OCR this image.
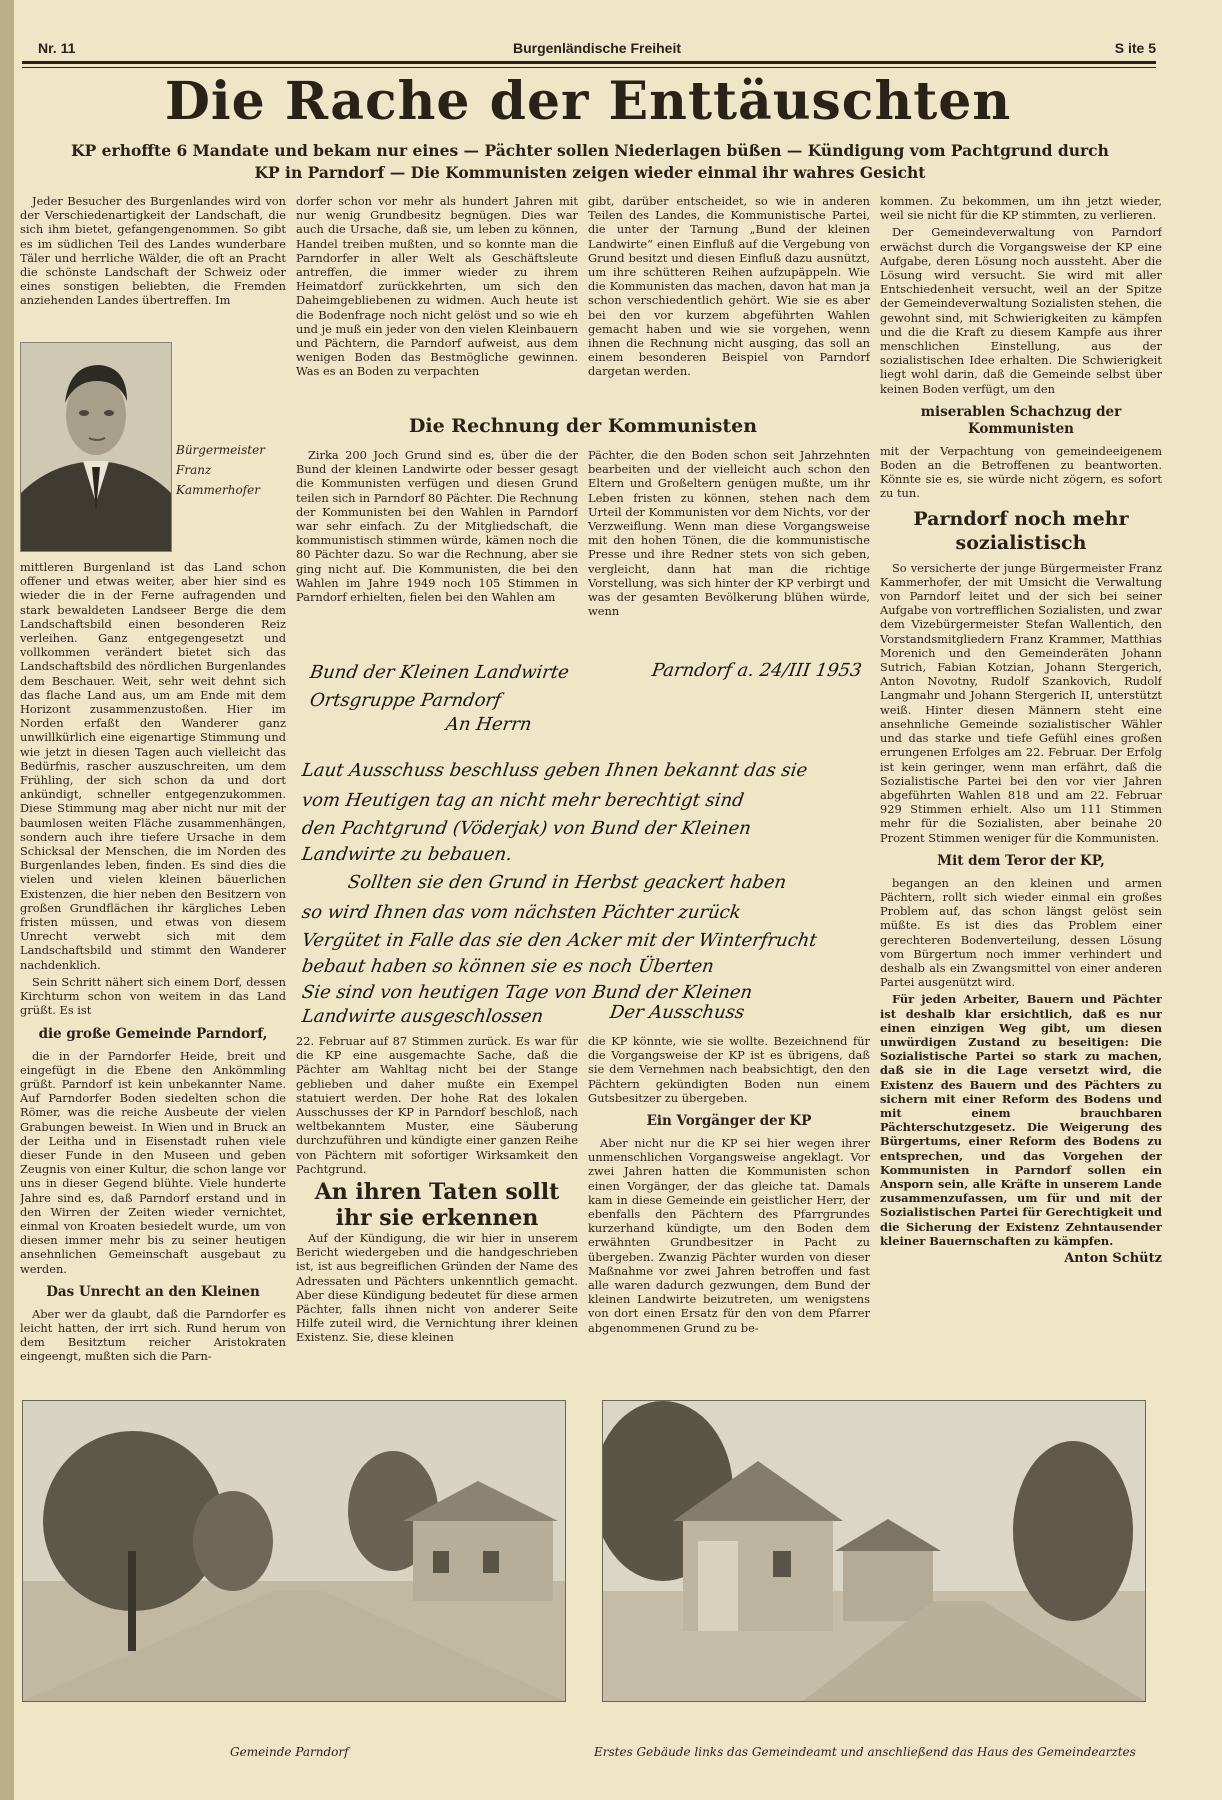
Nr. 11	Burgenländische Freiheit	S ite 5
Die Rache der Enttäuschten
KP erhoffte 6 Mandate und bekam nur eines — Pächter sollen Niederlagen büßen — Kündigung vom Pachtgrund durch
KP in Parndorf — Die Kommunisten zeigen wieder einmal ihr wahres Gesicht

Jeder Besucher des Burgenlandes wird von der Verschiedenartigkeit der Landschaft, die sich ihm bietet, gefangengenommen. So gibt es im südlichen Teil des Landes wunderbare Täler und herrliche Wälder, die oft an Pracht die schönste Landschaft der Schweiz oder eines sonstigen beliebten, die Fremden anziehenden Landes übertreffen. Im

Bürgermeister Franz Kammerhofer

mittleren Burgenland ist das Land schon offener und etwas weiter, aber hier sind es wieder die in der Ferne aufragenden und stark bewaldeten Landseer Berge die dem Landschaftsbild einen besonderen Reiz verleihen. Ganz entgegengesetzt und vollkommen verändert bietet sich das Landschaftsbild des nördlichen Burgenlandes dem Beschauer. Weit, sehr weit dehnt sich das flache Land aus, um am Ende mit dem Horizont zusammenzustoßen. Hier im Norden erfaßt den Wanderer ganz unwillkürlich eine eigenartige Stimmung und wie jetzt in diesen Tagen auch vielleicht das Bedürfnis, rascher auszuschreiten, um dem Frühling, der sich schon da und dort ankündigt, schneller entgegenzukommen. Diese Stimmung mag aber nicht nur mit der baumlosen weiten Fläche zusammenhängen, sondern auch ihre tiefere Ursache in dem Schicksal der Menschen, die im Norden des Burgenlandes leben, finden. Es sind dies die vielen und vielen kleinen bäuerlichen Existenzen, die hier neben den Besitzern von großen Grundflächen ihr kärgliches Leben fristen müssen, und etwas von diesem Unrecht verwebt sich mit dem Landschaftsbild und stimmt den Wanderer nachdenklich.

Sein Schritt nähert sich einem Dorf, dessen Kirchturm schon von weitem in das Land grüßt. Es ist

die große Gemeinde Parndorf,

die in der Parndorfer Heide, breit und eingefügt in die Ebene den Ankömmling grüßt. Parndorf ist kein unbekannter Name. Auf Parndorfer Boden siedelten schon die Römer, was die reiche Ausbeute der vielen Grabungen beweist. In Wien und in Bruck an der Leitha und in Eisenstadt ruhen viele dieser Funde in den Museen und geben Zeugnis von einer Kultur, die schon lange vor uns in dieser Gegend blühte. Viele hunderte Jahre sind es, daß Parndorf erstand und in den Wirren der Zeiten wieder vernichtet, einmal von Kroaten besiedelt wurde, um von diesen immer mehr bis zu seiner heutigen ansehnlichen Gemeinschaft ausgebaut zu werden.

Das Unrecht an den Kleinen

Aber wer da glaubt, daß die Parndorfer es leicht hatten, der irrt sich. Rund herum von dem Besitztum reicher Aristokraten eingeengt, mußten sich die Parn-

dorfer schon vor mehr als hundert Jahren mit nur wenig Grundbesitz begnügen. Dies war auch die Ursache, daß sie, um leben zu können, Handel treiben mußten, und so konnte man die Parndorfer in aller Welt als Geschäftsleute antreffen, die immer wieder zu ihrem Heimatdorf zurückkehrten, um sich den Daheimgebliebenen zu widmen. Auch heute ist die Bodenfrage noch nicht gelöst und so wie eh und je muß ein jeder von den vielen Kleinbauern und Pächtern, die Parndorf aufweist, aus dem wenigen Boden das Bestmögliche gewinnen. Was es an Boden zu verpachten

gibt, darüber entscheidet, so wie in anderen Teilen des Landes, die Kommunistische Partei, die unter der Tarnung „Bund der kleinen Landwirte“ einen Einfluß auf die Vergebung von Grund besitzt und diesen Einfluß dazu ausnützt, um ihre schütteren Reihen aufzupäppeln. Wie die Kommunisten das machen, davon hat man ja schon verschiedentlich gehört. Wie sie es aber bei den vor kurzem abgeführten Wahlen gemacht haben und wie sie vorgehen, wenn ihnen die Rechnung nicht ausging, das soll an einem besonderen Beispiel von Parndorf dargetan werden.

Die Rechnung der Kommunisten

Zirka 200 Joch Grund sind es, über die der Bund der kleinen Landwirte oder besser gesagt die Kommunisten verfügen und diesen Grund teilen sich in Parndorf 80 Pächter. Die Rechnung der Kommunisten bei den Wahlen in Parndorf war sehr einfach. Zu der Mitgliedschaft, die kommunistisch stimmen würde, kämen noch die 80 Pächter dazu. So war die Rechnung, aber sie ging nicht auf. Die Kommunisten, die bei den Wahlen im Jahre 1949 noch 105 Stimmen in Parndorf erhielten, fielen bei den Wahlen am

Pächter, die den Boden schon seit Jahrzehnten bearbeiten und der vielleicht auch schon den Eltern und Großeltern genügen mußte, um ihr Leben fristen zu können, stehen nach dem Urteil der Kommunisten vor dem Nichts, vor der Verzweiflung. Wenn man diese Vorgangsweise mit den hohen Tönen, die die kommunistische Presse und ihre Redner stets von sich geben, vergleicht, dann hat man die richtige Vorstellung, was sich hinter der KP verbirgt und was der gesamten Bevölkerung blühen würde, wenn

Bund der Kleinen Landwirte	Parndorf a. 24/III 1953
Ortsgruppe Parndorf
An Herrn
Laut Ausschuss beschluss geben Ihnen bekannt das sie
vom Heutigen tag an nicht mehr berechtigt sind
den Pachtgrund (Vöderjak) von Bund der Kleinen
Landwirte zu bebauen.
Sollten sie den Grund in Herbst geackert haben
so wird Ihnen das vom nächsten Pächter zurück
Vergütet in Falle das sie den Acker mit der Winterfrucht
bebaut haben so können sie es noch Überten
Sie sind von heutigen Tage von Bund der Kleinen
Landwirte ausgeschlossen	Der Ausschuss

22. Februar auf 87 Stimmen zurück. Es war für die KP eine ausgemachte Sache, daß die Pächter am Wahltag nicht bei der Stange geblieben und daher mußte ein Exempel statuiert werden. Der hohe Rat des lokalen Ausschusses der KP in Parndorf beschloß, nach weltbekanntem Muster, eine Säuberung durchzuführen und kündigte einer ganzen Reihe von Pächtern mit sofortiger Wirksamkeit den Pachtgrund.

An ihren Taten sollt ihr sie erkennen

Auf der Kündigung, die wir hier in unserem Bericht wiedergeben und die handgeschrieben ist, ist aus begreiflichen Gründen der Name des Adressaten und Pächters unkenntlich gemacht. Aber diese Kündigung bedeutet für diese armen Pächter, falls ihnen nicht von anderer Seite Hilfe zuteil wird, die Vernichtung ihrer kleinen Existenz. Sie, diese kleinen

die KP könnte, wie sie wollte. Bezeichnend für die Vorgangsweise der KP ist es übrigens, daß sie dem Vernehmen nach beabsichtigt, den den Pächtern gekündigten Boden nun einem Gutsbesitzer zu übergeben.

Ein Vorgänger der KP

Aber nicht nur die KP sei hier wegen ihrer unmenschlichen Vorgangsweise angeklagt. Vor zwei Jahren hatten die Kommunisten schon einen Vorgänger, der das gleiche tat. Damals kam in diese Gemeinde ein geistlicher Herr, der ebenfalls den Pächtern des Pfarrgrundes kurzerhand kündigte, um den Boden dem erwähnten Grundbesitzer in Pacht zu übergeben. Zwanzig Pächter wurden von dieser Maßnahme vor zwei Jahren betroffen und fast alle waren dadurch gezwungen, dem Bund der kleinen Landwirte beizutreten, um wenigstens von dort einen Ersatz für den von dem Pfarrer abgenommenen Grund zu be-

kommen. Zu bekommen, um ihn jetzt wieder, weil sie nicht für die KP stimmten, zu verlieren.

Der Gemeindeverwaltung von Parndorf erwächst durch die Vorgangsweise der KP eine Aufgabe, deren Lösung noch aussteht. Aber die Lösung wird versucht. Sie wird mit aller Entschiedenheit versucht, weil an der Spitze der Gemeindeverwaltung Sozialisten stehen, die gewohnt sind, mit Schwierigkeiten zu kämpfen und die die Kraft zu diesem Kampfe aus ihrer menschlichen Einstellung, aus der sozialistischen Idee erhalten. Die Schwierigkeit liegt wohl darin, daß die Gemeinde selbst über keinen Boden verfügt, um den

miserablen Schachzug der Kommunisten

mit der Verpachtung von gemeindeeigenem Boden an die Betroffenen zu beantworten. Könnte sie es, sie würde nicht zögern, es sofort zu tun.

Parndorf noch mehr sozialistisch

So versicherte der junge Bürgermeister Franz Kammerhofer, der mit Umsicht die Verwaltung von Parndorf leitet und der sich bei seiner Aufgabe von vortrefflichen Sozialisten, und zwar dem Vizebürgermeister Stefan Wallentich, den Vorstandsmitgliedern Franz Krammer, Matthias Morenich und den Gemeinderäten Johann Sutrich, Fabian Kotzian, Johann Stergerich, Anton Novotny, Rudolf Szankovich, Rudolf Langmahr und Johann Stergerich II, unterstützt weiß. Hinter diesen Männern steht eine ansehnliche Gemeinde sozialistischer Wähler und das starke und tiefe Gefühl eines großen errungenen Erfolges am 22. Februar. Der Erfolg ist kein geringer, wenn man erfährt, daß die Sozialistische Partei bei den vor vier Jahren abgeführten Wahlen 818 und am 22. Februar 929 Stimmen erhielt. Also um 111 Stimmen mehr für die Sozialisten, aber beinahe 20 Prozent Stimmen weniger für die Kommunisten.

Mit dem Teror der KP,

begangen an den kleinen und armen Pächtern, rollt sich wieder einmal ein großes Problem auf, das schon längst gelöst sein müßte. Es ist dies das Problem einer gerechteren Bodenverteilung, dessen Lösung vom Bürgertum noch immer verhindert und deshalb als ein Zwangsmittel von einer anderen Partei ausgenützt wird.

Für jeden Arbeiter, Bauern und Pächter ist deshalb klar ersichtlich, daß es nur einen einzigen Weg gibt, um diesen unwürdigen Zustand zu beseitigen: Die Sozialistische Partei so stark zu machen, daß sie in die Lage versetzt wird, die Existenz des Bauern und des Pächters zu sichern mit einer Reform des Bodens und mit einem brauchbaren Pächterschutzgesetz. Die Weigerung des Bürgertums, einer Reform des Bodens zu entsprechen, und das Vorgehen der Kommunisten in Parndorf sollen ein Ansporn sein, alle Kräfte in unserem Lande zusammenzufassen, um für und mit der Sozialistischen Partei für Gerechtigkeit und die Sicherung der Existenz Zehntausender kleiner Bauernschaften zu kämpfen.

Anton Schütz
Gemeinde Parndorf	Erstes Gebäude links das Gemeindeamt und anschließend das Haus des Gemeindearztes
